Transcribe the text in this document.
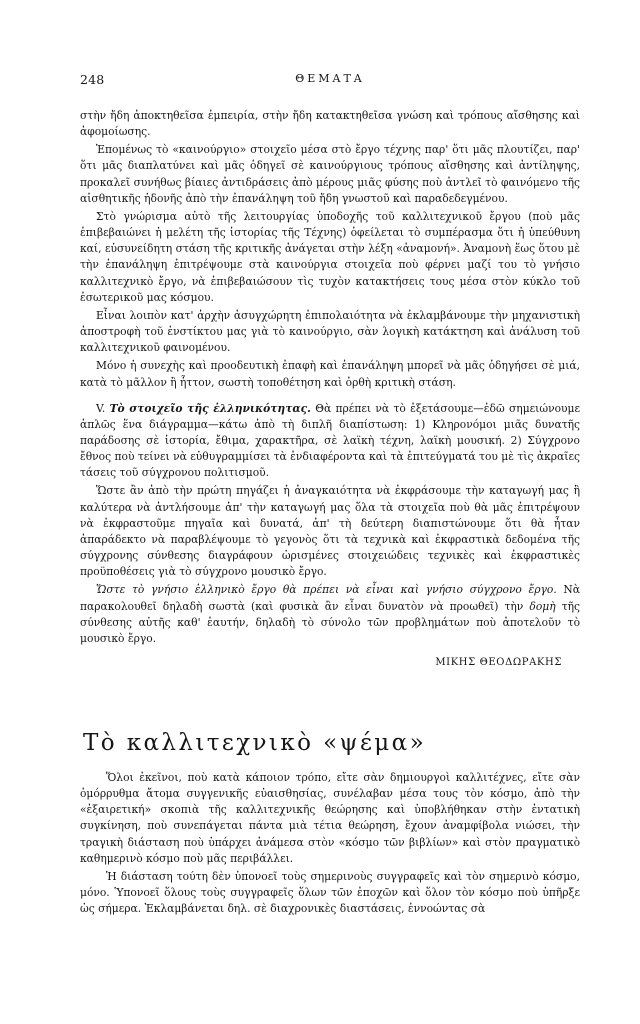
248	ΘΕΜΑΤΑ

στὴν ἤδη ἀποκτηθεῖσα ἐμπειρία, στὴν ἤδη κατακτηθεῖσα γνώση καὶ τρόπους αἴσθησης καὶ ἀφομοίωσης.

Ἑπομένως τὸ «καινούργιο» στοιχεῖο μέσα στὸ ἔργο τέχνης παρ' ὅτι μᾶς πλουτίζει, παρ' ὅτι μᾶς διαπλατύνει καὶ μᾶς ὁδηγεῖ σὲ καινούργιους τρόπους αἴσθησης καὶ ἀντίληψης, προκαλεῖ συνήθως βίαιες ἀντιδράσεις ἀπὸ μέρους μιᾶς φύσης ποὺ ἀντλεῖ τὸ φαινόμενο τῆς αἰσθητικῆς ἡδονῆς ἀπὸ τὴν ἐπανάληψη τοῦ ἤδη γνωστοῦ καὶ παραδεδεγμένου.

Στὸ γνώρισμα αὐτὸ τῆς λειτουργίας ὑποδοχῆς τοῦ καλλιτεχνικοῦ ἔργου (ποὺ μᾶς ἐπιβεβαιώνει ἡ μελέτη τῆς ἱστορίας τῆς Τέχνης) ὀφείλεται τὸ συμπέρασμα ὅτι ἡ ὑπεύθυνη καί, εὐσυνείδητη στάση τῆς κριτικῆς ἀνάγεται στὴν λέξη «ἀναμονή». Ἀναμονὴ ἕως ὅτου μὲ τὴν ἐπανάληψη ἐπιτρέψουμε στὰ καινούργια στοιχεῖα ποὺ φέρνει μαζί του τὸ γνήσιο καλλιτεχνικὸ ἔργο, νὰ ἐπιβεβαιώσουν τὶς τυχὸν κατακτήσεις τους μέσα στὸν κύκλο τοῦ ἐσωτερικοῦ μας κόσμου.

Εἶναι λοιπὸν κατ' ἀρχὴν ἀσυγχώρητη ἐπιπολαιότητα νὰ ἐκλαμβάνουμε τὴν μηχανιστικὴ ἀποστροφὴ τοῦ ἐνστίκτου μας γιὰ τὸ καινούργιο, σὰν λογικὴ κατάκτηση καὶ ἀνάλυση τοῦ καλλιτεχνικοῦ φαινομένου.

Μόνο ἡ συνεχὴς καὶ προοδευτικὴ ἐπαφὴ καὶ ἐπανάληψη μπορεῖ νὰ μᾶς ὁδηγήσει σὲ μιά, κατὰ τὸ μᾶλλον ἢ ἧττον, σωστὴ τοποθέτηση καὶ ὀρθὴ κριτικὴ στάση.

V. Τὸ στοιχεῖο τῆς ἑλληνικότητας. Θὰ πρέπει νὰ τὸ ἐξετάσουμε—ἐδῶ σημειώνουμε ἁπλῶς ἕνα διάγραμμα—κάτω ἀπὸ τὴ διπλῆ διαπίστωση: 1) Κληρονόμοι μιᾶς δυνατῆς παράδοσης σὲ ἱστορία, ἔθιμα, χαρακτῆρα, σὲ λαϊκὴ τέχνη, λαϊκὴ μουσική. 2) Σύγχρονο ἔθνος ποὺ τείνει νὰ εὐθυγραμμίσει τὰ ἐνδιαφέροντα καὶ τὰ ἐπιτεύγματά του μὲ τὶς ἀκραῖες τάσεις τοῦ σύγχρονου πολιτισμοῦ.

Ὥστε ἂν ἀπὸ τὴν πρώτη πηγάζει ἡ ἀναγκαιότητα νὰ ἐκφράσουμε τὴν καταγωγή μας ἢ καλύτερα νὰ ἀντλήσουμε ἀπ' τὴν καταγωγή μας ὅλα τὰ στοιχεῖα ποὺ θὰ μᾶς ἐπιτρέψουν νὰ ἐκφραστοῦμε πηγαῖα καὶ δυνατά, ἀπ' τὴ δεύτερη διαπιστώνουμε ὅτι θὰ ἦταν ἀπαράδεκτο νὰ παραβλέψουμε τὸ γεγονὸς ὅτι τὰ τεχνικὰ καὶ ἐκφραστικὰ δεδομένα τῆς σύγχρονης σύνθεσης διαγράφουν ὡρισμένες στοιχειώδεις τεχνικὲς καὶ ἐκφραστικὲς προϋποθέσεις γιὰ τὸ σύγχρονο μουσικὸ ἔργο.

Ὥστε τὸ γνήσιο ἑλληνικὸ ἔργο θὰ πρέπει νὰ εἶναι καὶ γνήσιο σύγχρονο ἔργο. Νὰ παρακολουθεῖ δηλαδὴ σωστὰ (καὶ φυσικὰ ἂν εἶναι δυνατὸν νὰ προωθεῖ) τὴν δομὴ τῆς σύνθεσης αὐτῆς καθ' ἑαυτήν, δηλαδὴ τὸ σύνολο τῶν προβλημάτων ποὺ ἀποτελοῦν τὸ μουσικὸ ἔργο.

ΜΙΚΗΣ ΘΕΟΔΩΡΑΚΗΣ
Τὸ καλλιτεχνικὸ «ψέμα»

Ὅλοι ἐκεῖνοι, ποὺ κατὰ κάποιον τρόπο, εἴτε σὰν δημιουργοὶ καλλιτέχνες, εἴτε σὰν ὁμόρρυθμα ἄτομα συγγενικῆς εὐαισθησίας, συνέλαβαν μέσα τους τὸν κόσμο, ἀπὸ τὴν «ἐξαιρετική» σκοπιὰ τῆς καλλιτεχνικῆς θεώρησης καὶ ὑποβλήθηκαν στὴν ἐντατικὴ συγκίνηση, ποὺ συνεπάγεται πάντα μιὰ τέτια θεώρηση, ἔχουν ἀναμφίβολα νιώσει, τὴν τραγικὴ διάσταση ποὺ ὑπάρχει ἀνάμεσα στὸν «κόσμο τῶν βιβλίων» καὶ στὸν πραγματικὸ καθημερινὸ κόσμο ποὺ μᾶς περιβάλλει.

Ἡ διάσταση τούτη δὲν ὑπονοεῖ τοὺς σημερινοὺς συγγραφεῖς καὶ τὸν σημερινὸ κόσμο, μόνο. Ὑπονοεῖ ὅλους τοὺς συγγραφεῖς ὅλων τῶν ἐποχῶν καὶ ὅλον τὸν κόσμο ποὺ ὑπῆρξε ὡς σήμερα. Ἐκλαμβάνεται δηλ. σὲ διαχρονικὲς διαστάσεις, ἐννοώντας σὰ
